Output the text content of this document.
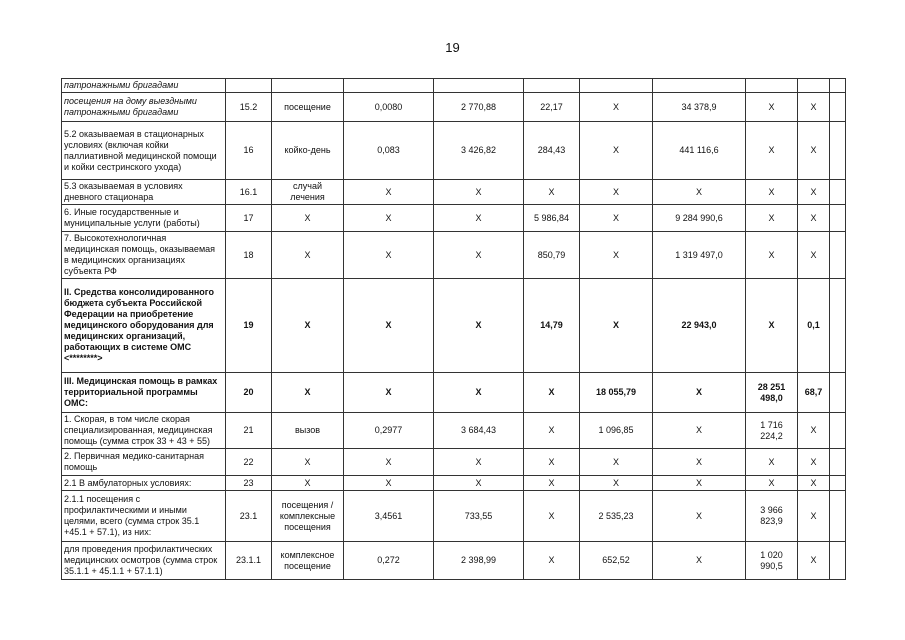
19
патронажными бригадами											
посещения на дому выездными патронажными бригадами	15.2	посещение	0,0080	2 770,88	22,17	Х	34 378,9	Х	Х		
5.2 оказываемая в стационарных условиях (включая койки паллиативной медицинской помощи и койки сестринского ухода)	16	койко-день	0,083	3 426,82	284,43	Х	441 116,6	Х	Х		
5.3 оказываемая в условиях дневного стационара	16.1	случай лечения	Х	Х	Х	Х	Х	Х	Х		
6. Иные государственные и муниципальные услуги (работы)	17	Х	Х	Х	5 986,84	Х	9 284 990,6	Х	Х		
7. Высокотехнологичная медицинская помощь, оказываемая в медицинских организациях субъекта РФ	18	Х	Х	Х	850,79	Х	1 319 497,0	Х	Х		
II. Средства консолидированного бюджета субъекта Российской Федерации на приобретение медицинского оборудования для медицинских организаций, работающих в системе ОМС <********>	19	Х	Х	Х	14,79	Х	22 943,0	Х	0,1		
III. Медицинская помощь в рамках территориальной программы ОМС:	20	Х	Х	Х	Х	18 055,79	Х	28 251 498,0	68,7		
1. Скорая, в том числе скорая специализированная, медицинская помощь (сумма строк 33 + 43 + 55)	21	вызов	0,2977	3 684,43	Х	1 096,85	Х	1 716 224,2	Х		
2. Первичная медико-санитарная помощь	22	Х	Х	Х	Х	Х	Х	Х	Х		
2.1 В амбулаторных условиях:	23	Х	Х	Х	Х	Х	Х	Х	Х		
2.1.1 посещения с профилактическими и иными целями, всего (сумма строк 35.1 +45.1 + 57.1), из них:	23.1	посещения / комплексные посещения	3,4561	733,55	Х	2 535,23	Х	3 966 823,9	Х		
для проведения профилактических медицинских осмотров (сумма строк 35.1.1 + 45.1.1 + 57.1.1)	23.1.1	комплексное посещение	0,272	2 398,99	Х	652,52	Х	1 020 990,5	Х		
